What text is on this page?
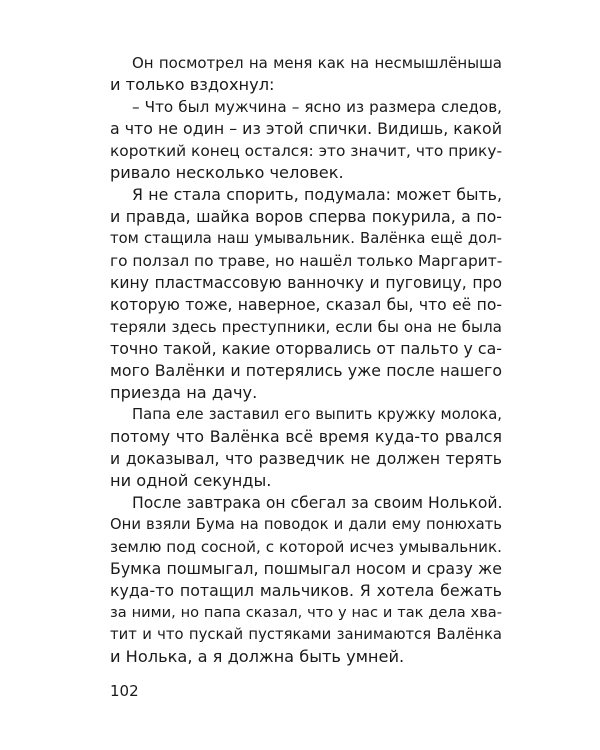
Он посмотрел на меня как на несмышлёныша
и только вздохнул:
– Что был мужчина – ясно из размера следов,
а что не один – из этой спички. Видишь, какой
короткий конец остался: это значит, что прику-
ривало несколько человек.
Я не стала спорить, подумала: может быть,
и правда, шайка воров сперва покурила, а по-
том стащила наш умывальник. Валёнка ещё дол-
го ползал по траве, но нашёл только Маргарит-
кину пластмассовую ванночку и пуговицу, про
которую тоже, наверное, сказал бы, что её по-
теряли здесь преступники, если бы она не была
точно такой, какие оторвались от пальто у са-
мого Валёнки и потерялись уже после нашего
приезда на дачу.
Папа еле заставил его выпить кружку молока,
потому что Валёнка всё время куда-то рвался
и доказывал, что разведчик не должен терять
ни одной секунды.
После завтрака он сбегал за своим Нолькой.
Они взяли Бума на поводок и дали ему понюхать
землю под сосной, с которой исчез умывальник.
Бумка пошмыгал, пошмыгал носом и сразу же
куда-то потащил мальчиков. Я хотела бежать
за ними, но папа сказал, что у нас и так дела хва-
тит и что пускай пустяками занимаются Валёнка
и Нолька, а я должна быть умней.
102
